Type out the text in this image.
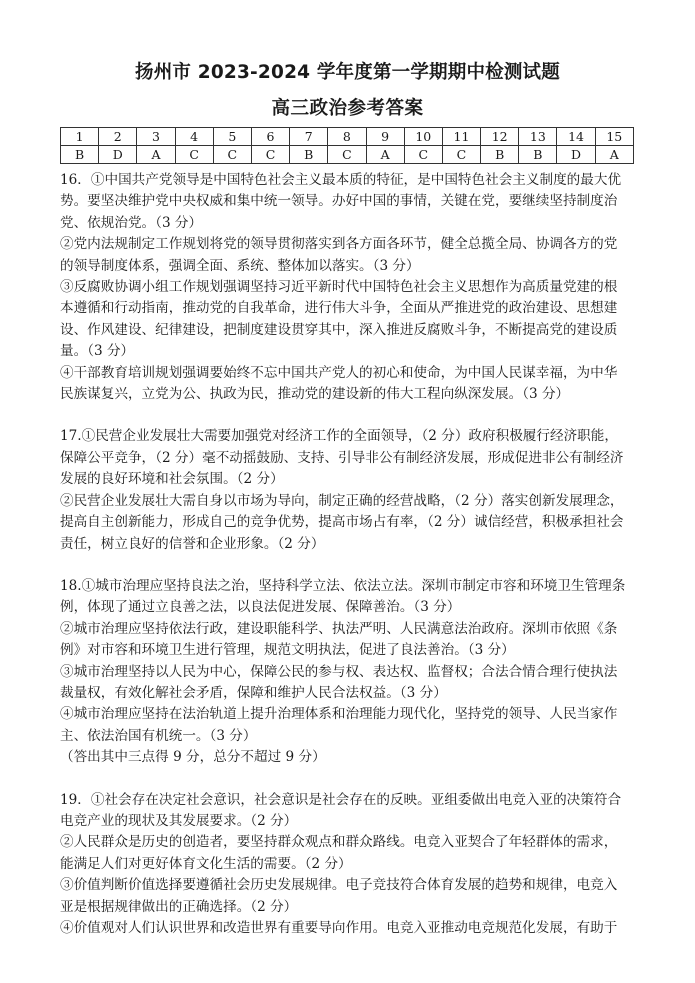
扬州市 2023-2024 学年度第一学期期中检测试题
高三政治参考答案
1	2	3	4	5	6	7	8	9	10	11	12	13	14	15
B	D	A	C	C	C	B	C	A	C	C	B	B	D	A

16．①中国共产党领导是中国特色社会主义最本质的特征，是中国特色社会主义制度的最大优

势。要坚决维护党中央权威和集中统一领导。办好中国的事情，关键在党，要继续坚持制度治

党、依规治党。（3 分）

②党内法规制定工作规划将党的领导贯彻落实到各方面各环节，健全总揽全局、协调各方的党

的领导制度体系，强调全面、系统、整体加以落实。（3 分）

③反腐败协调小组工作规划强调坚持习近平新时代中国特色社会主义思想作为高质量党建的根

本遵循和行动指南，推动党的自我革命，进行伟大斗争，全面从严推进党的政治建设、思想建

设、作风建设、纪律建设，把制度建设贯穿其中，深入推进反腐败斗争，不断提高党的建设质

量。（3 分）

④干部教育培训规划强调要始终不忘中国共产党人的初心和使命，为中国人民谋幸福，为中华

民族谋复兴，立党为公、执政为民，推动党的建设新的伟大工程向纵深发展。（3 分）

17.①民营企业发展壮大需要加强党对经济工作的全面领导，（2 分）政府积极履行经济职能，

保障公平竞争，（2 分）毫不动摇鼓励、支持、引导非公有制经济发展，形成促进非公有制经济

发展的良好环境和社会氛围。（2 分）

②民营企业发展壮大需自身以市场为导向，制定正确的经营战略，（2 分）落实创新发展理念，

提高自主创新能力，形成自己的竞争优势，提高市场占有率，（2 分）诚信经营，积极承担社会

责任，树立良好的信誉和企业形象。（2 分）

18.①城市治理应坚持良法之治，坚持科学立法、依法立法。深圳市制定市容和环境卫生管理条

例，体现了通过立良善之法，以良法促进发展、保障善治。（3 分）

②城市治理应坚持依法行政，建设职能科学、执法严明、人民满意法治政府。深圳市依照《条

例》对市容和环境卫生进行管理，规范文明执法，促进了良法善治。（3 分）

③城市治理坚持以人民为中心，保障公民的参与权、表达权、监督权；合法合情合理行使执法

裁量权，有效化解社会矛盾，保障和维护人民合法权益。（3 分）

④城市治理应坚持在法治轨道上提升治理体系和治理能力现代化，坚持党的领导、人民当家作

主、依法治国有机统一。（3 分）

（答出其中三点得 9 分，总分不超过 9 分）

19．①社会存在决定社会意识，社会意识是社会存在的反映。亚组委做出电竞入亚的决策符合

电竞产业的现状及其发展要求。（2 分）

②人民群众是历史的创造者，要坚持群众观点和群众路线。电竞入亚契合了年轻群体的需求，

能满足人们对更好体育文化生活的需要。（2 分）

③价值判断价值选择要遵循社会历史发展规律。电子竞技符合体育发展的趋势和规律，电竞入

亚是根据规律做出的正确选择。（2 分）

④价值观对人们认识世界和改造世界有重要导向作用。电竞入亚推动电竞规范化发展，有助于
